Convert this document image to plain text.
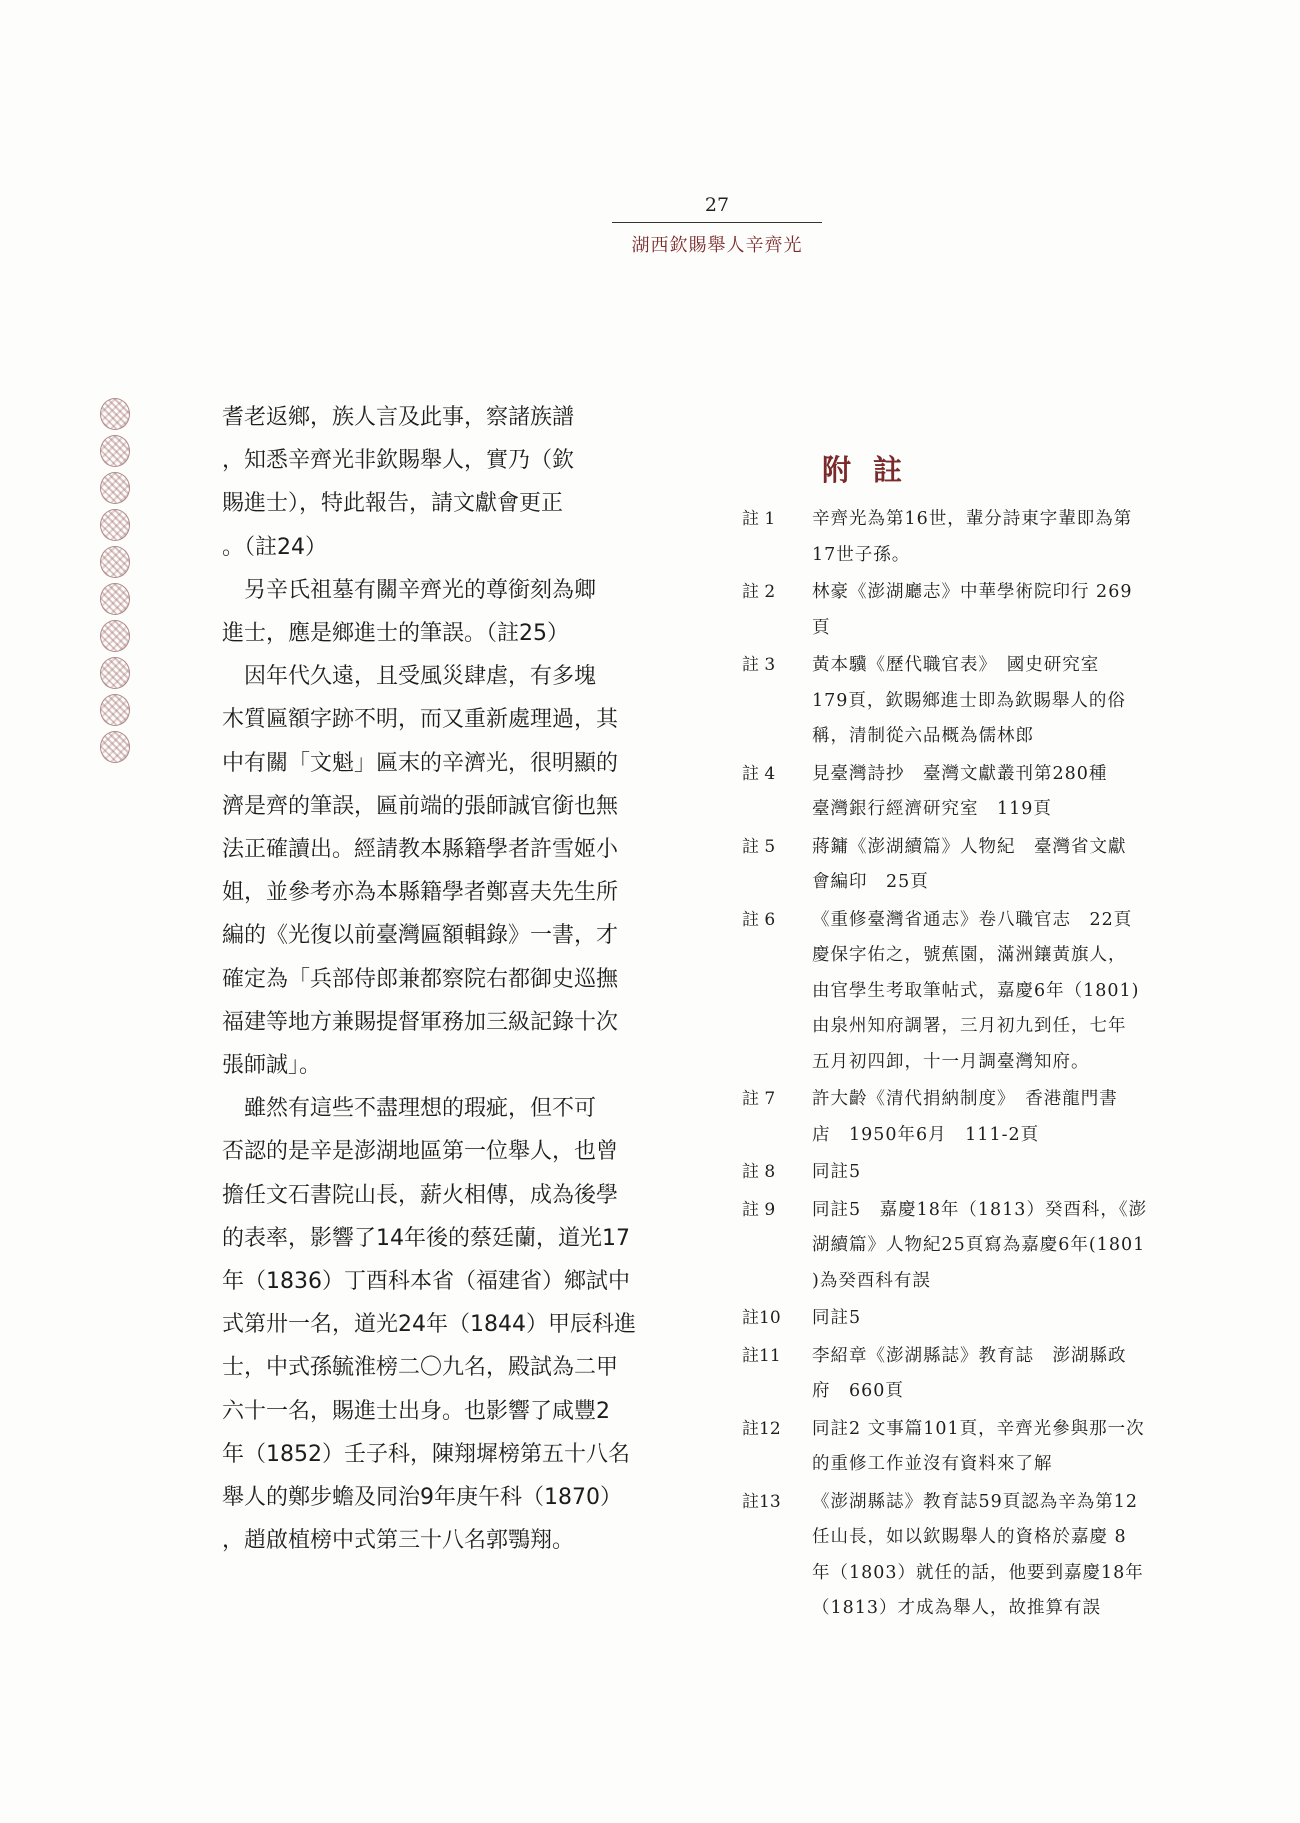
27
湖西欽賜舉人辛齊光

耆老返鄉，族人言及此事，察諸族譜
，知悉辛齊光非欽賜舉人，實乃（欽
賜進士），特此報告，請文獻會更正
。（註24）

　另辛氏祖墓有關辛齊光的尊銜刻為卿
進士，應是鄉進士的筆誤。（註25）

　因年代久遠，且受風災肆虐，有多塊
木質匾額字跡不明，而又重新處理過，其
中有關「文魁」匾末的辛濟光，很明顯的
濟是齊的筆誤，匾前端的張師誠官銜也無
法正確讀出。經請教本縣籍學者許雪姬小
姐，並參考亦為本縣籍學者鄭喜夫先生所
編的《光復以前臺灣匾額輯錄》一書，才
確定為「兵部侍郎兼都察院右都御史巡撫
福建等地方兼賜提督軍務加三級記錄十次
張師誠」。

　雖然有這些不盡理想的瑕疵，但不可
否認的是辛是澎湖地區第一位舉人，也曾
擔任文石書院山長，薪火相傳，成為後學
的表率，影響了14年後的蔡廷蘭，道光17
年（1836）丁酉科本省（福建省）鄉試中
式第卅一名，道光24年（1844）甲辰科進
士，中式孫毓淮榜二〇九名，殿試為二甲
六十一名，賜進士出身。也影響了咸豐2
年（1852）壬子科，陳翔墀榜第五十八名
舉人的鄭步蟾及同治9年庚午科（1870）
，趙啟植榜中式第三十八名郭鶚翔。

附註
註 1	辛齊光為第16世，輩分詩東字輩即為第
17世子孫。
註 2	林豪《澎湖廳志》中華學術院印行 269
頁
註 3	黃本驥《歷代職官表》　國史研究室
179頁，欽賜鄉進士即為欽賜舉人的俗
稱，清制從六品概為儒林郎
註 4	見臺灣詩抄　臺灣文獻叢刊第280種
臺灣銀行經濟研究室　119頁
註 5	蔣鏞《澎湖續篇》人物紀　臺灣省文獻
會編印　25頁
註 6	《重修臺灣省通志》卷八職官志　22頁
慶保字佑之，號蕉園，滿洲鑲黃旗人，
由官學生考取筆帖式，嘉慶6年（1801)
由泉州知府調署，三月初九到任，七年
五月初四卸，十一月調臺灣知府。
註 7	許大齡《清代捐納制度》　香港龍門書
店　1950年6月　111-2頁
註 8	同註5
註 9	同註5　嘉慶18年（1813）癸酉科，《澎
湖續篇》人物紀25頁寫為嘉慶6年(1801
)為癸酉科有誤
註10	同註5
註11	李紹章《澎湖縣誌》教育誌　澎湖縣政
府　660頁
註12	同註2 文事篇101頁，辛齊光參與那一次
的重修工作並沒有資料來了解
註13	《澎湖縣誌》教育誌59頁認為辛為第12
任山長，如以欽賜舉人的資格於嘉慶 8
年（1803）就任的話，他要到嘉慶18年
（1813）才成為舉人，故推算有誤
